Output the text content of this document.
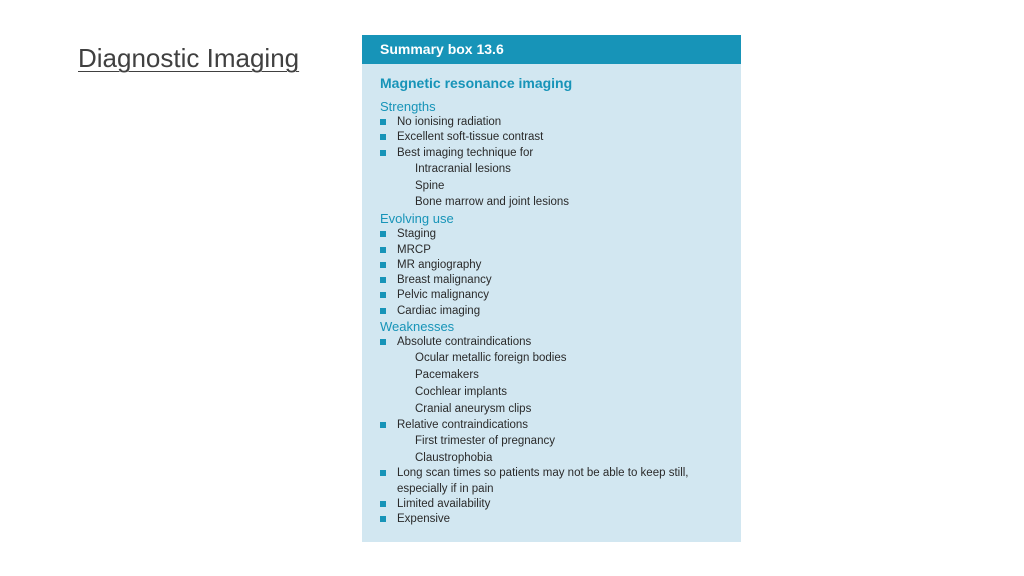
Diagnostic Imaging	Summary box 13.6
Magnetic resonance imaging
Strengths
No ionising radiation
Excellent soft-tissue contrast
Best imaging technique for
Intracranial lesions
Spine
Bone marrow and joint lesions
Evolving use
Staging
MRCP
MR angiography
Breast malignancy
Pelvic malignancy
Cardiac imaging
Weaknesses
Absolute contraindications
Ocular metallic foreign bodies
Pacemakers
Cochlear implants
Cranial aneurysm clips
Relative contraindications
First trimester of pregnancy
Claustrophobia
Long scan times so patients may not be able to keep still, especially if in pain
Limited availability
Expensive
